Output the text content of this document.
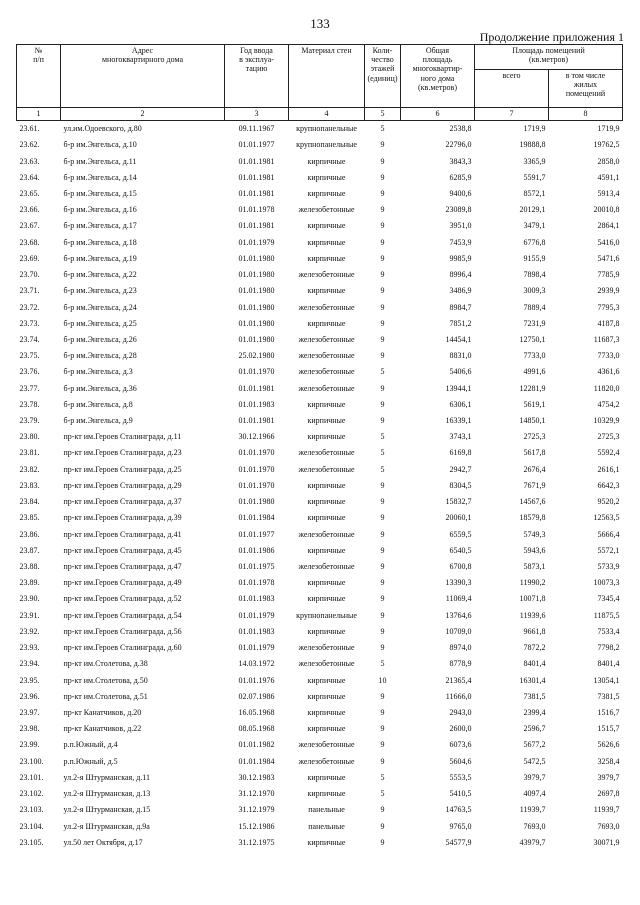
133
Продолжение приложения 1
№
п/п	Адрес
многоквартирного дома	Год ввода
в эксплуа-
тацию	Материал стен	Коли-
чество
этажей
(единиц)	Общая
площадь
многоквартир-
ного дома
(кв.метров)	Площадь помещений
(кв.метров)	
						всего	в том числе
жилых
помещений
1	2	3	4	5	6	7	8
23.61.	ул.им.Одоевского, д.80	09.11.1967	крупнопанельные	5	2538,8	1719,9	1719,9
23.62.	б-р им.Энгельса, д.10	01.01.1977	крупнопанельные	9	22796,0	19888,8	19762,5
23.63.	б-р им.Энгельса, д.11	01.01.1981	кирпичные	9	3843,3	3365,9	2858,0
23.64.	б-р им.Энгельса, д.14	01.01.1981	кирпичные	9	6285,9	5591,7	4591,1
23.65.	б-р им.Энгельса, д.15	01.01.1981	кирпичные	9	9400,6	8572,1	5913,4
23.66.	б-р им.Энгельса, д.16	01.01.1978	железобетонные	9	23089,8	20129,1	20010,8
23.67.	б-р им.Энгельса, д.17	01.01.1981	кирпичные	9	3951,0	3479,1	2864,1
23.68.	б-р им.Энгельса, д.18	01.01.1979	кирпичные	9	7453,9	6776,8	5416,0
23.69.	б-р им.Энгельса, д.19	01.01.1980	кирпичные	9	9985,9	9155,9	5471,6
23.70.	б-р им.Энгельса, д.22	01.01.1980	железобетонные	9	8996,4	7898,4	7785,9
23.71.	б-р им.Энгельса, д.23	01.01.1980	кирпичные	9	3486,9	3009,3	2939,9
23.72.	б-р им.Энгельса, д.24	01.01.1980	железобетонные	9	8984,7	7889,4	7795,3
23.73.	б-р им.Энгельса, д.25	01.01.1980	кирпичные	9	7851,2	7231,9	4187,8
23.74.	б-р им.Энгельса, д.26	01.01.1980	железобетонные	9	14454,1	12750,1	11687,3
23.75.	б-р им.Энгельса, д.28	25.02.1980	железобетонные	9	8831,0	7733,0	7733,0
23.76.	б-р им.Энгельса, д.3	01.01.1970	железобетонные	5	5406,6	4991,6	4361,6
23.77.	б-р им.Энгельса, д.36	01.01.1981	железобетонные	9	13944,1	12281,9	11820,0
23.78.	б-р им.Энгельса, д.8	01.01.1983	кирпичные	9	6306,1	5619,1	4754,2
23.79.	б-р им.Энгельса, д.9	01.01.1981	кирпичные	9	16339,1	14850,1	10329,9
23.80.	пр-кт им.Героев Сталинграда, д.11	30.12.1966	кирпичные	5	3743,1	2725,3	2725,3
23.81.	пр-кт им.Героев Сталинграда, д.23	01.01.1970	железобетонные	5	6169,8	5617,8	5592,4
23.82.	пр-кт им.Героев Сталинграда, д.25	01.01.1970	железобетонные	5	2942,7	2676,4	2616,1
23.83.	пр-кт им.Героев Сталинграда, д.29	01.01.1970	кирпичные	9	8304,5	7671,9	6642,3
23.84.	пр-кт им.Героев Сталинграда, д.37	01.01.1980	кирпичные	9	15832,7	14567,6	9520,2
23.85.	пр-кт им.Героев Сталинграда, д.39	01.01.1984	кирпичные	9	20060,1	18579,8	12563,5
23.86.	пр-кт им.Героев Сталинграда, д.41	01.01.1977	железобетонные	9	6559,5	5749,3	5666,4
23.87.	пр-кт им.Героев Сталинграда, д.45	01.01.1986	кирпичные	9	6540,5	5943,6	5572,1
23.88.	пр-кт им.Героев Сталинграда, д.47	01.01.1975	железобетонные	9	6700,8	5873,1	5733,9
23.89.	пр-кт им.Героев Сталинграда, д.49	01.01.1978	кирпичные	9	13390,3	11990,2	10073,3
23.90.	пр-кт им.Героев Сталинграда, д.52	01.01.1983	кирпичные	9	11069,4	10071,8	7345,4
23.91.	пр-кт им.Героев Сталинграда, д.54	01.01.1979	крупнопанельные	9	13764,6	11939,6	11875,5
23.92.	пр-кт им.Героев Сталинграда, д.56	01.01.1983	кирпичные	9	10709,0	9661,8	7533,4
23.93.	пр-кт им.Героев Сталинграда, д.60	01.01.1979	железобетонные	9	8974,0	7872,2	7798,2
23.94.	пр-кт им.Столетова, д.38	14.03.1972	железобетонные	5	8778,9	8401,4	8401,4
23.95.	пр-кт им.Столетова, д.50	01.01.1976	кирпичные	10	21365,4	16301,4	13054,1
23.96.	пр-кт им.Столетова, д.51	02.07.1986	кирпичные	9	11666,0	7381,5	7381,5
23.97.	пр-кт Канатчиков, д.20	16.05.1968	кирпичные	9	2943,0	2399,4	1516,7
23.98.	пр-кт Канатчиков, д.22	08.05.1968	кирпичные	9	2600,0	2596,7	1515,7
23.99.	р.п.Южный, д.4	01.01.1982	железобетонные	9	6073,6	5677,2	5626,6
23.100.	р.п.Южный, д.5	01.01.1984	железобетонные	9	5604,6	5472,5	3258,4
23.101.	ул.2-я Штурманская, д.11	30.12.1983	кирпичные	5	5553,5	3979,7	3979,7
23.102.	ул.2-я Штурманская, д.13	31.12.1970	кирпичные	5	5410,5	4097,4	2697,8
23.103.	ул.2-я Штурманская, д.15	31.12.1979	панельные	9	14763,5	11939,7	11939,7
23.104.	ул.2-я Штурманская, д.9а	15.12.1986	панельные	9	9765,0	7693,0	7693,0
23.105.	ул.50 лет Октября, д.17	31.12.1975	кирпичные	9	54577,9	43979,7	30071,9
